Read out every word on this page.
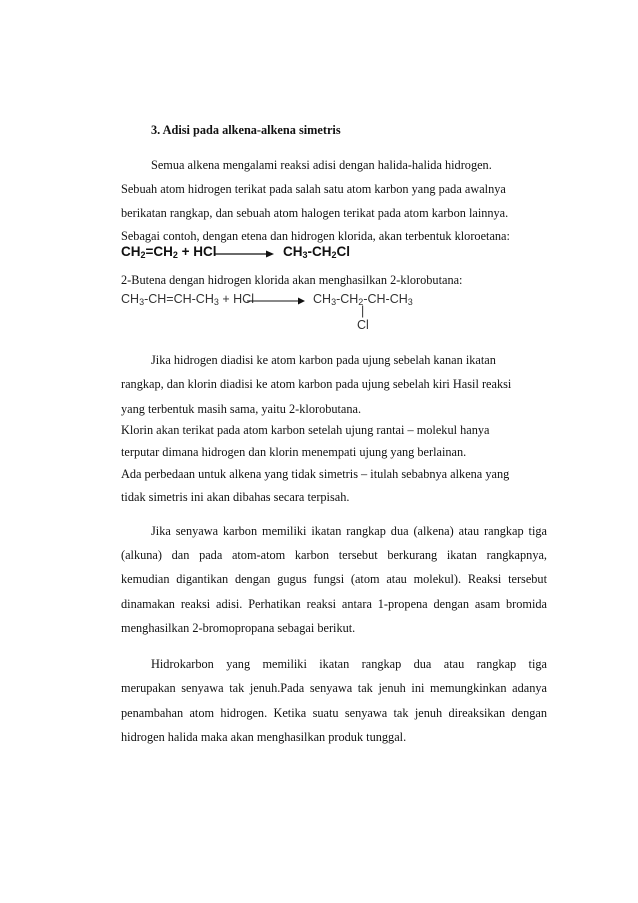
3. Adisi pada alkena-alkena simetris
Semua alkena mengalami reaksi adisi dengan halida-halida hidrogen.
Sebuah atom hidrogen terikat pada salah satu atom karbon yang pada awalnya
berikatan rangkap, dan sebuah atom halogen terikat pada atom karbon lainnya.
Sebagai contoh, dengan etena dan hidrogen klorida, akan terbentuk kloroetana:
$CH_2=CH_2$ + HCl	$CH_3-CH_2Cl$
2-Butena dengan hidrogen klorida akan menghasilkan 2-klorobutana:
$CH_3-CH=CH-CH_3$ + HCl	$CH_3-CH_2-CH-CH_3$
|
Cl
Jika hidrogen diadisi ke atom karbon pada ujung sebelah kanan ikatan
rangkap, dan klorin diadisi ke atom karbon pada ujung sebelah kiri Hasil reaksi
yang terbentuk masih sama, yaitu 2-klorobutana.
Klorin akan terikat pada atom karbon setelah ujung rantai – molekul hanya
terputar dimana hidrogen dan klorin menempati ujung yang berlainan.
Ada perbedaan untuk alkena yang tidak simetris – itulah sebabnya alkena yang
tidak simetris ini akan dibahas secara terpisah.
Jika senyawa karbon memiliki ikatan rangkap dua (alkena) atau rangkap tiga
(alkuna) dan pada atom-atom karbon tersebut berkurang ikatan rangkapnya,
kemudian digantikan dengan gugus fungsi (atom atau molekul). Reaksi tersebut
dinamakan reaksi adisi. Perhatikan reaksi antara 1-propena dengan asam bromida
menghasilkan 2-bromopropana sebagai berikut.
Hidrokarbon yang memiliki ikatan rangkap dua atau rangkap tiga
merupakan senyawa tak jenuh.Pada senyawa tak jenuh ini memungkinkan adanya
penambahan atom hidrogen. Ketika suatu senyawa tak jenuh direaksikan dengan
hidrogen halida maka akan menghasilkan produk tunggal.
